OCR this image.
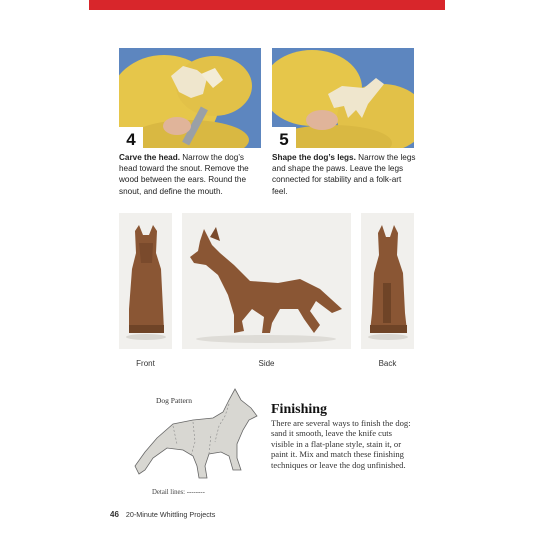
4	5
Carve the head. Narrow the dog’s head toward the snout. Remove the wood between the ears. Round the snout, and define the mouth.
Shape the dog’s legs. Narrow the legs and shape the paws. Leave the legs connected for stability and a folk-art feel.
Front	Side	Back
Dog Pattern
Detail lines: --------
Finishing
There are several ways to finish the dog: sand it smooth, leave the knife cuts visible in a flat-plane style, stain it, or paint it. Mix and match these finishing techniques or leave the dog unfinished.
46 20-Minute Whittling Projects
